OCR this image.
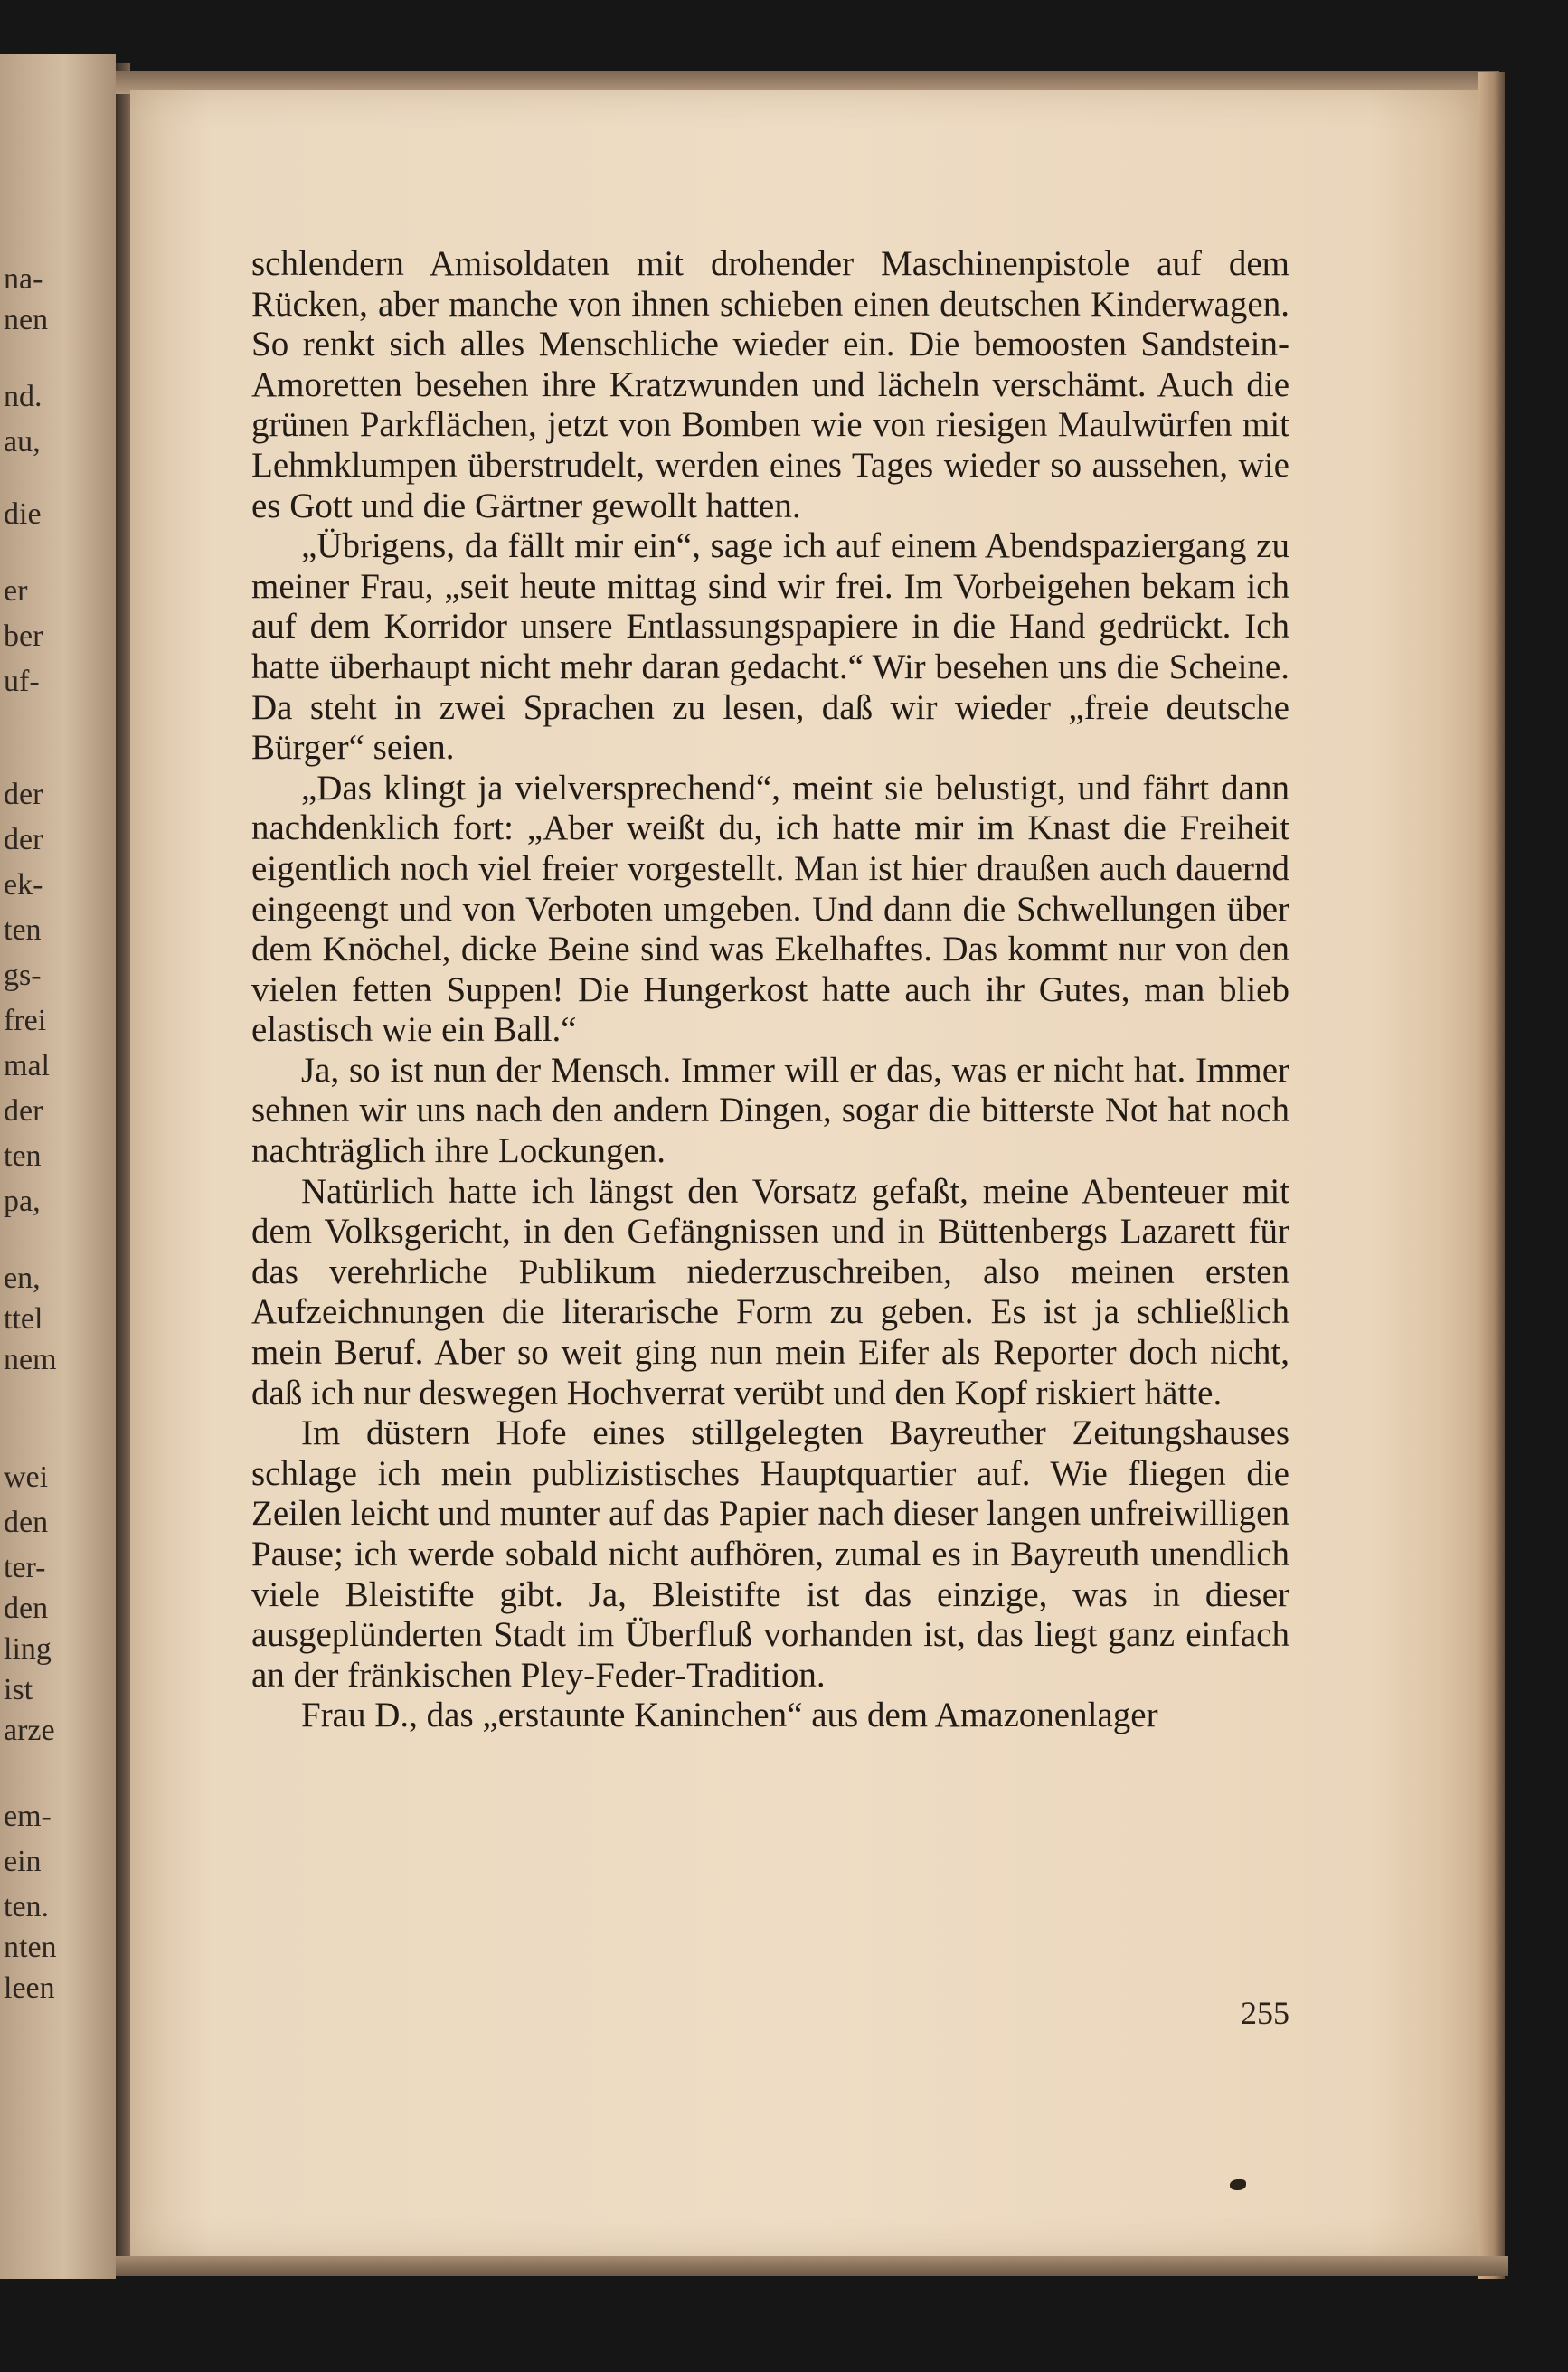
na-
nen
nd.
au,
die
er
ber
uf-
der
der
ek-
ten
gs-
frei
mal
der
ten
pa,
en,
ttel
nem
wei
den
ter-
den
ling
ist
arze
em-
ein
ten.
nten
leen

schlendern Amisoldaten mit drohender Maschinenpistole auf dem Rücken, aber manche von ihnen schieben einen deutschen Kinderwagen. So renkt sich alles Menschliche wieder ein. Die bemoosten Sandstein-Amoretten besehen ihre Kratzwunden und lächeln verschämt. Auch die grünen Parkflächen, jetzt von Bomben wie von riesigen Maulwürfen mit Lehmklumpen überstrudelt, werden eines Tages wieder so aussehen, wie es Gott und die Gärtner gewollt hatten.

„Übrigens, da fällt mir ein“, sage ich auf einem Abendspaziergang zu meiner Frau, „seit heute mittag sind wir frei. Im Vorbeigehen bekam ich auf dem Korridor unsere Entlassungspapiere in die Hand gedrückt. Ich hatte überhaupt nicht mehr daran gedacht.“ Wir besehen uns die Scheine. Da steht in zwei Sprachen zu lesen, daß wir wieder „freie deutsche Bürger“ seien.

„Das klingt ja vielversprechend“, meint sie belustigt, und fährt dann nachdenklich fort: „Aber weißt du, ich hatte mir im Knast die Freiheit eigentlich noch viel freier vorgestellt. Man ist hier draußen auch dauernd eingeengt und von Verboten umgeben. Und dann die Schwellungen über dem Knöchel, dicke Beine sind was Ekelhaftes. Das kommt nur von den vielen fetten Suppen! Die Hungerkost hatte auch ihr Gutes, man blieb elastisch wie ein Ball.“

Ja, so ist nun der Mensch. Immer will er das, was er nicht hat. Immer sehnen wir uns nach den andern Dingen, sogar die bitterste Not hat noch nachträglich ihre Lockungen.

Natürlich hatte ich längst den Vorsatz gefaßt, meine Abenteuer mit dem Volksgericht, in den Gefängnissen und in Büttenbergs Lazarett für das verehrliche Publikum niederzuschreiben, also meinen ersten Aufzeichnungen die literarische Form zu geben. Es ist ja schließlich mein Beruf. Aber so weit ging nun mein Eifer als Reporter doch nicht, daß ich nur deswegen Hochverrat verübt und den Kopf riskiert hätte.

Im düstern Hofe eines stillgelegten Bayreuther Zeitungshauses schlage ich mein publizistisches Hauptquartier auf. Wie fliegen die Zeilen leicht und munter auf das Papier nach dieser langen unfreiwilligen Pause; ich werde sobald nicht aufhören, zumal es in Bayreuth unendlich viele Bleistifte gibt. Ja, Bleistifte ist das einzige, was in dieser ausgeplünderten Stadt im Überfluß vorhanden ist, das liegt ganz einfach an der fränkischen Pley-Feder-Tradition.

Frau D., das „erstaunte Kaninchen“ aus dem Amazonenlager

255
